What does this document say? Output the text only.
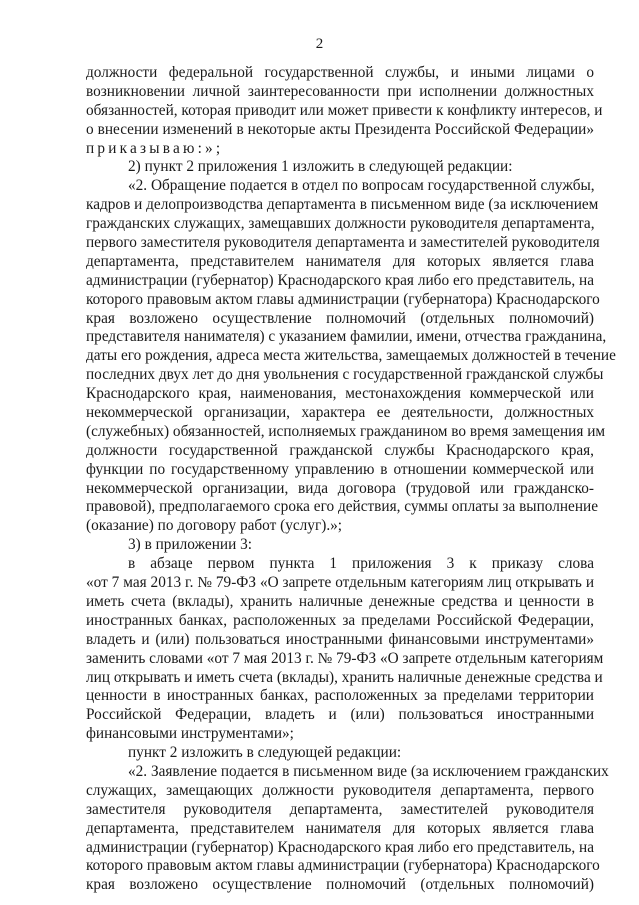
2
должности федеральной государственной службы, и иными лицами о
возникновении личной заинтересованности при исполнении должностных
обязанностей, которая приводит или может привести к конфликту интересов, и
о внесении изменений в некоторые акты Президента Российской Федерации»
приказываю:»;
2) пункт 2 приложения 1 изложить в следующей редакции:
«2. Обращение подается в отдел по вопросам государственной службы,
кадров и делопроизводства департамента в письменном виде (за исключением
гражданских служащих, замещавших должности руководителя департамента,
первого заместителя руководителя департамента и заместителей руководителя
департамента, представителем нанимателя для которых является глава
администрации (губернатор) Краснодарского края либо его представитель, на
которого правовым актом главы администрации (губернатора) Краснодарского
края возложено осуществление полномочий (отдельных полномочий)
представителя нанимателя) с указанием фамилии, имени, отчества гражданина,
даты его рождения, адреса места жительства, замещаемых должностей в течение
последних двух лет до дня увольнения с государственной гражданской службы
Краснодарского края, наименования, местонахождения коммерческой или
некоммерческой организации, характера ее деятельности, должностных
(служебных) обязанностей, исполняемых гражданином во время замещения им
должности государственной гражданской службы Краснодарского края,
функции по государственному управлению в отношении коммерческой или
некоммерческой организации, вида договора (трудовой или гражданско-
правовой), предполагаемого срока его действия, суммы оплаты за выполнение
(оказание) по договору работ (услуг).»;
3) в приложении 3:
в абзаце первом пункта 1 приложения 3 к приказу слова
«от 7 мая 2013 г. № 79-ФЗ «О запрете отдельным категориям лиц открывать и
иметь счета (вклады), хранить наличные денежные средства и ценности в
иностранных банках, расположенных за пределами Российской Федерации,
владеть и (или) пользоваться иностранными финансовыми инструментами»
заменить словами «от 7 мая 2013 г. № 79-ФЗ «О запрете отдельным категориям
лиц открывать и иметь счета (вклады), хранить наличные денежные средства и
ценности в иностранных банках, расположенных за пределами территории
Российской Федерации, владеть и (или) пользоваться иностранными
финансовыми инструментами»;
пункт 2 изложить в следующей редакции:
«2. Заявление подается в письменном виде (за исключением гражданских
служащих, замещающих должности руководителя департамента, первого
заместителя руководителя департамента, заместителей руководителя
департамента, представителем нанимателя для которых является глава
администрации (губернатор) Краснодарского края либо его представитель, на
которого правовым актом главы администрации (губернатора) Краснодарского
края возложено осуществление полномочий (отдельных полномочий)
